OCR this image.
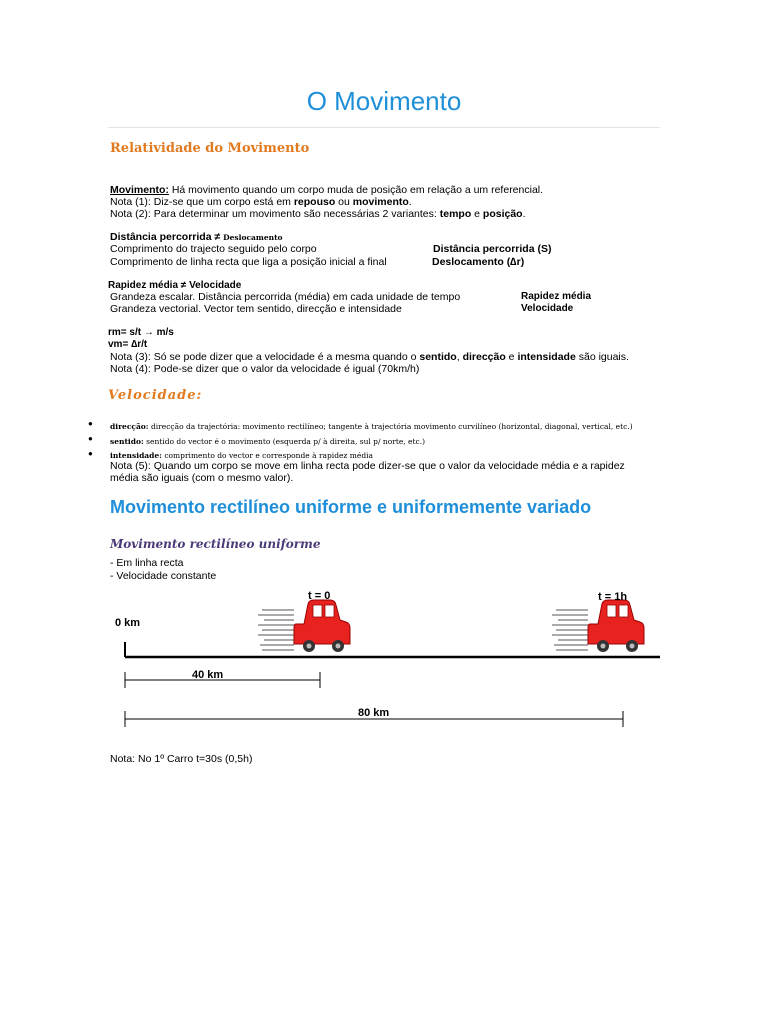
O Movimento
Relatividade do Movimento
Movimento: Há movimento quando um corpo muda de posição em relação a um referencial.
Nota (1): Diz-se que um corpo está em repouso ou movimento.
Nota (2): Para determinar um movimento são necessárias 2 variantes: tempo e posição.
Distância percorrida ≠ Deslocamento
Comprimento do trajecto seguido pelo corpo	Distância percorrida (S)
Comprimento de linha recta que liga a posição inicial a final	Deslocamento (∆r)
Rapidez média ≠ Velocidade
Grandeza escalar. Distância percorrida (média) em cada unidade de tempo	Rapidez média
Grandeza vectorial. Vector tem sentido, direcção e intensidade	Velocidade
rm= s/t → m/s
vm= ∆r/t
Nota (3): Só se pode dizer que a velocidade é a mesma quando o sentido, direcção e intensidade são iguais.
Nota (4): Pode-se dizer que o valor da velocidade é igual (70km/h)
Velocidade:
● direcção: direcção da trajectória: movimento rectilíneo; tangente à trajectória movimento curvilíneo (horizontal, diagonal, vertical, etc.)
● sentido: sentido do vector é o movimento (esquerda p/ à direita, sul p/ norte, etc.)
● intensidade: comprimento do vector e corresponde à rapidez média
Nota (5): Quando um corpo se move em linha recta pode dizer-se que o valor da velocidade média e a rapidez
média são iguais (com o mesmo valor).
Movimento rectilíneo uniforme e uniformemente variado
Movimento rectilíneo uniforme
- Em linha recta
- Velocidade constante
0 km
t = 0	t = 1h
40 km
80 km
Nota: No 1º Carro t=30s (0,5h)
